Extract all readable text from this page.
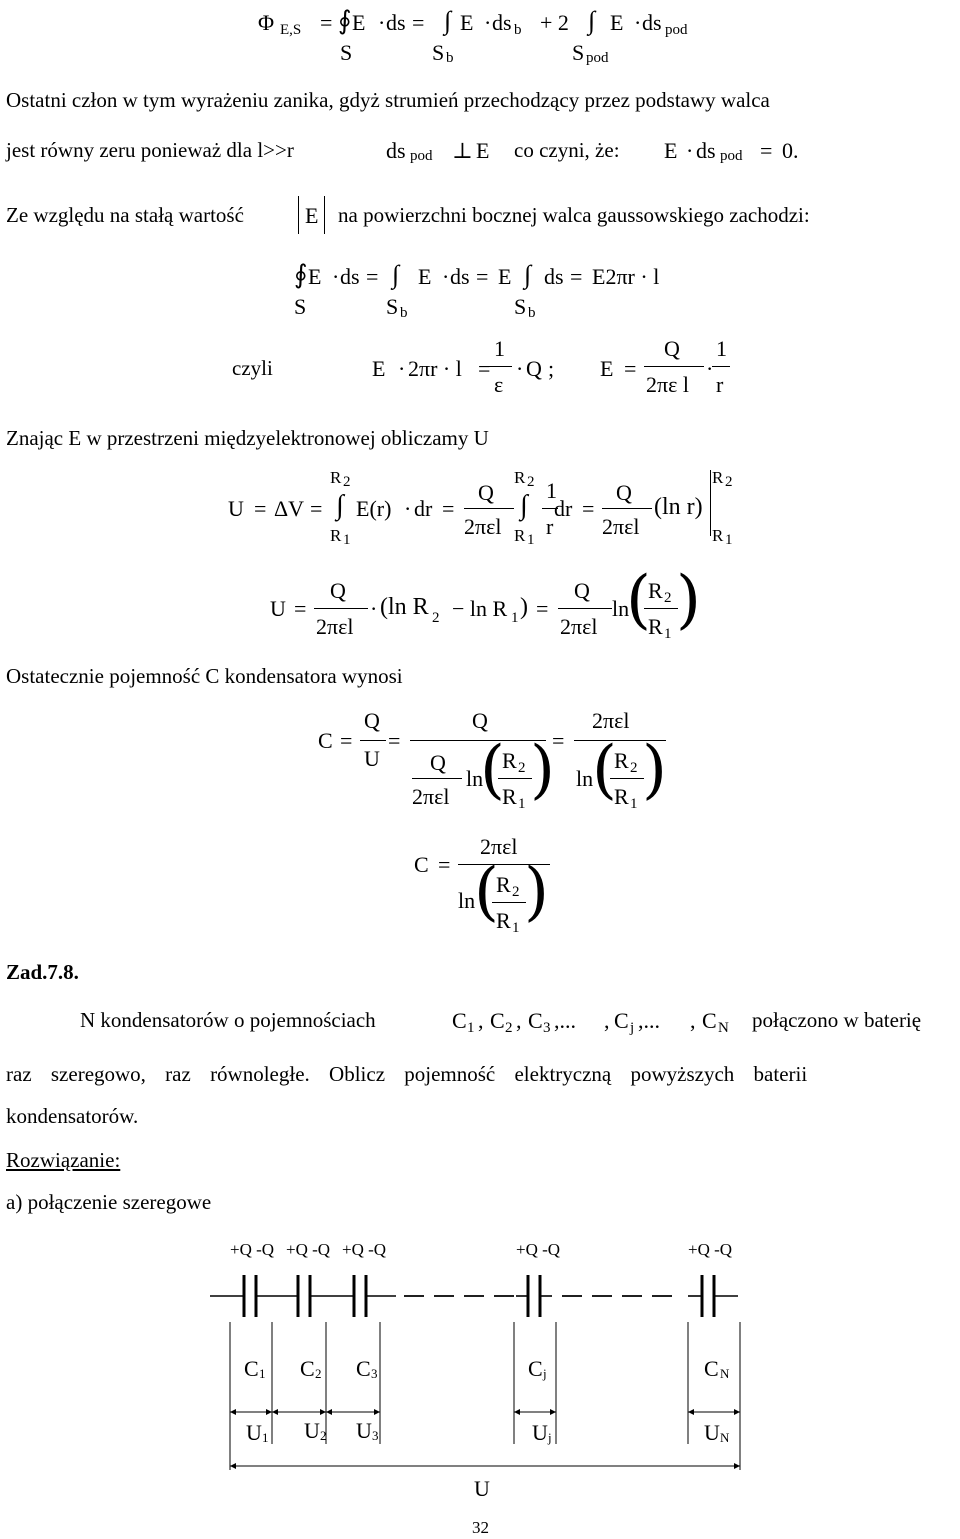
Φ E,S = ∮ E · ds =
S
∫ E · ds b + 2
S b
∫ E · ds pod
S pod
Ostatni człon w tym wyrażeniu zanika, gdyż strumień przechodzący przez podstawy walca
jest równy zeru ponieważ dla l>>r	ds pod ⊥ E co czyni, że: E · ds pod = 0.
Ze względu na stałą wartość	E na powierzchni bocznej walca gaussowskiego zachodzi:
∮ E · ds =
S
∫ E · ds = E
S b
∫ ds = E2πr · l
S b
czyli	E · 2πr · l =
1
ε
· Q ; E =
Q
2πε l
·
1
r
Znając E w przestrzeni międzyelektronowej obliczamy U
U = ΔV =
R 2
∫
R 1
E(r) · dr =
Q
2πεl
R 2
∫
R 1
1
r
dr =
Q
2πεl
(ln r)
R 2
R 1
U =
Q
2πεl
· (ln R 2 − ln R 1 ) =
Q
2πεl
ln
(
R 2
R 1 )
Ostatecznie pojemność C kondensatora wynosi
C =
Q
U
=
Q
Q
2πεl
ln
(
R 2
R 1 )
=
2πεl
ln
(
R 2
R 1 )
C =
2πεl
ln
(
R 2
R 1 )
Zad.7.8.
N kondensatorów o pojemnościach	C 1 , C 2 , C 3 ,... , C j ,... , C N połączono w baterię
raz szeregowo, raz równoległe. Oblicz pojemność elektryczną powyższych baterii
kondensatorów.
Rozwiązanie:
a) połączenie szeregowe
+Q -Q +Q -Q +Q -Q	+Q -Q	+Q -Q
C 1 C 2 C 3	C j	C N
U 1 U 2 U 3	U j	U N
U
32
